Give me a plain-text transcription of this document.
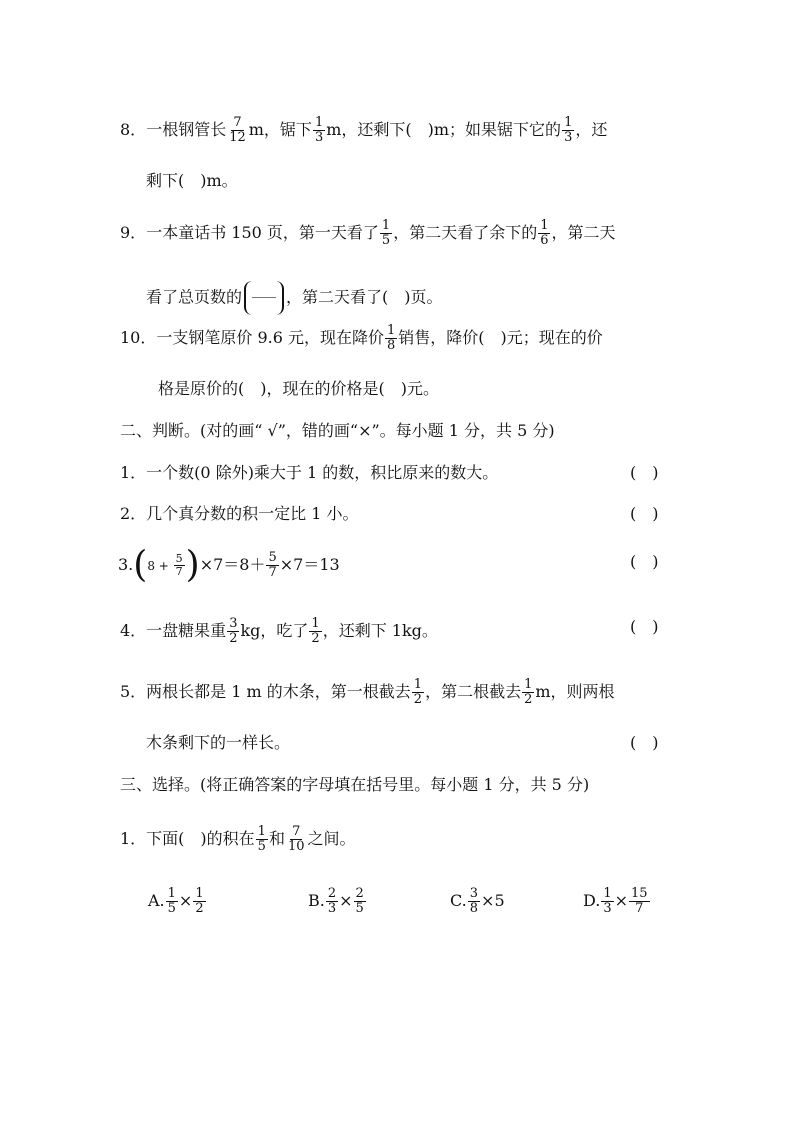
8．一根钢管长 $\frac{7}{12}$ m，锯下 $\frac{1}{3}$ m，还剩下(　)m；如果锯下它的 $\frac{1}{3}$ ，还
剩下(　)m。
9．一本童话书 150 页，第一天看了 $\frac{1}{5}$ ，第二天看了余下的 $\frac{1}{6}$ ，第二天
看了总页数的	，第二天看了(　)页。
10．一支钢笔原价 9.6 元，现在降价 $\frac{1}{8}$ 销售，降价(　)元；现在的价
格是原价的(　)，现在的价格是(　)元。
二、判断。(对的画“ √”，错的画“×”。每小题 1 分，共 5 分)
1．一个数(0 除外)乘大于 1 的数，积比原来的数大。	(　)
2．几个真分数的积一定比 1 小。	(　)
$3.(8 + \frac{5}{7} )\times 7=8+ \frac{5}{7} \times 7=13$	(　)
4．一盘糖果重 $\frac{3}{2}$ kg，吃了 $\frac{1}{2}$ ，还剩下 1kg。	(　)
5．两根长都是 1 m 的木条，第一根截去 $\frac{1}{2}$ ，第二根截去 $\frac{1}{2}$ m，则两根
木条剩下的一样长。	(　)
三、选择。(将正确答案的字母填在括号里。每小题 1 分，共 5 分)
1．下面(　)的积在 $\frac{1}{5}$ 和 $\frac{7}{10}$ 之间。
A. $\frac{1}{5} \times \frac{1}{2}$	B. $\frac{2}{3} \times \frac{2}{5}$	C. $\frac{3}{8} \times 5$	D. $\frac{1}{3} \times \frac{15}{7}$
